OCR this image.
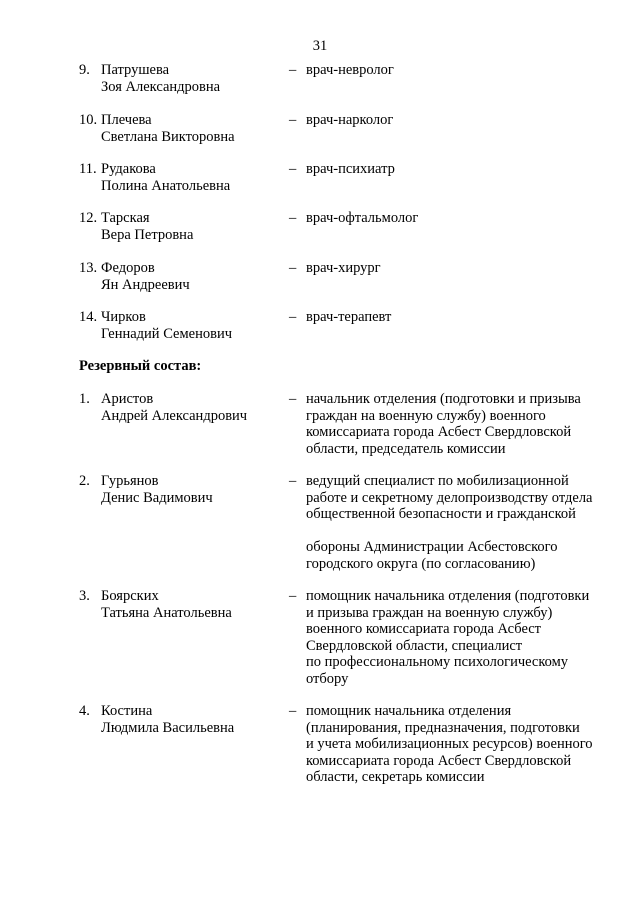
31
9. Патрушева
Зоя Александровна
– врач-невролог
10. Плечева
Светлана Викторовна
– врач-нарколог
11. Рудакова
Полина Анатольевна
– врач-психиатр
12. Тарская
Вера Петровна
– врач-офтальмолог
13. Федоров
Ян Андреевич
– врач-хирург
14. Чирков
Геннадий Семенович
– врач-терапевт
Резервный состав:
1. Аристов
Андрей Александрович
– начальник отделения (подготовки и призыва
граждан на военную службу) военного
комиссариата города Асбест Свердловской
области, председатель комиссии
2. Гурьянов
Денис Вадимович
– ведущий специалист по мобилизационной
работе и секретному делопроизводству отдела
общественной безопасности и гражданской

обороны Администрации Асбестовского
городского округа (по согласованию)
3. Боярских
Татьяна Анатольевна
– помощник начальника отделения (подготовки
и призыва граждан на военную службу)
военного комиссариата города Асбест
Свердловской области, специалист
по профессиональному психологическому
отбору
4. Костина
Людмила Васильевна
– помощник начальника отделения
(планирования, предназначения, подготовки
и учета мобилизационных ресурсов) военного
комиссариата города Асбест Свердловской
области, секретарь комиссии
